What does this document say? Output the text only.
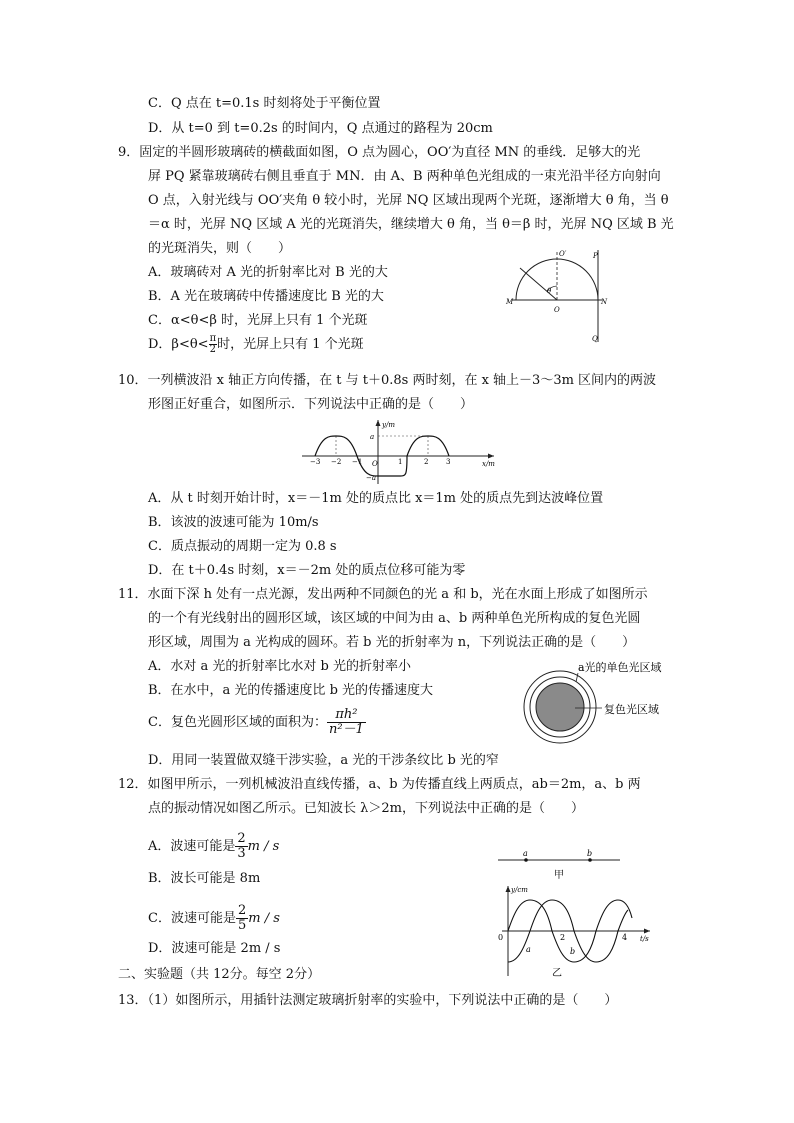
C．Q 点在 t=0.1s 时刻将处于平衡位置
D．从 t=0 到 t=0.2s 的时间内，Q 点通过的路程为 20cm
9．固定的半圆形玻璃砖的横截面如图，O 点为圆心，OO′为直径 MN 的垂线．足够大的光
屏 PQ 紧靠玻璃砖右侧且垂直于 MN．由 A、B 两种单色光组成的一束光沿半径方向射向
O 点，入射光线与 OO′夹角 θ 较小时，光屏 NQ 区域出现两个光斑，逐渐增大 θ 角，当 θ
＝α 时，光屏 NQ 区域 A 光的光斑消失，继续增大 θ 角，当 θ＝β 时，光屏 NQ 区域 B 光
的光斑消失，则（　　）
A．玻璃砖对 A 光的折射率比对 B 光的大
B．A 光在玻璃砖中传播速度比 B 光的大
C．α<θ<β 时，光屏上只有 1 个光斑
D．$\beta<\theta< \frac{\pi}{2}$ 时，光屏上只有 1 个光斑
O′	P
M
θ
O
N
Q
10．一列横波沿 x 轴正方向传播，在 t 与 t＋0.8s 两时刻，在 x 轴上－3～3m 区间内的两波
形图正好重合，如图所示．下列说法中正确的是（　　）
y/m
x/m
a
−a
O
−3 −2 −1	1	2	3
A．从 t 时刻开始计时，x＝－1m 处的质点比 x＝1m 处的质点先到达波峰位置
B．该波的波速可能为 10m/s
C．质点振动的周期一定为 0.8 s
D．在 t＋0.4s 时刻，x＝－2m 处的质点位移可能为零
11．水面下深 h 处有一点光源，发出两种不同颜色的光 a 和 b，光在水面上形成了如图所示
的一个有光线射出的圆形区域，该区域的中间为由 a、b 两种单色光所构成的复色光圆
形区域，周围为 a 光构成的圆环。若 b 光的折射率为 n，下列说法正确的是（　　）
A．水对 a 光的折射率比水对 b 光的折射率小
B．在水中，a 光的传播速度比 b 光的传播速度大
C．复色光圆形区域的面积为： $\frac{\text{πh²}}{\text{n²－1}}$
D．用同一装置做双缝干涉实验，a 光的干涉条纹比 b 光的窄
a光的单色光区域
复色光区域
12．如图甲所示，一列机械波沿直线传播，a、b 为传播直线上两质点，ab＝2m，a、b 两
点的振动情况如图乙所示。已知波长 λ＞2m，下列说法中正确的是（　　）
A．波速可能是 $\frac{2}{3}$ m / s
B．波长可能是 8m
C．波速可能是 $\frac{2}{5}$ m / s
D．波速可能是 2m / s
a	b
甲
y/cm
t/s
0	2	4
a	b
乙
二、实验题（共 12分。每空 2分）
13．（1）如图所示，用插针法测定玻璃折射率的实验中，下列说法中正确的是（　　）
